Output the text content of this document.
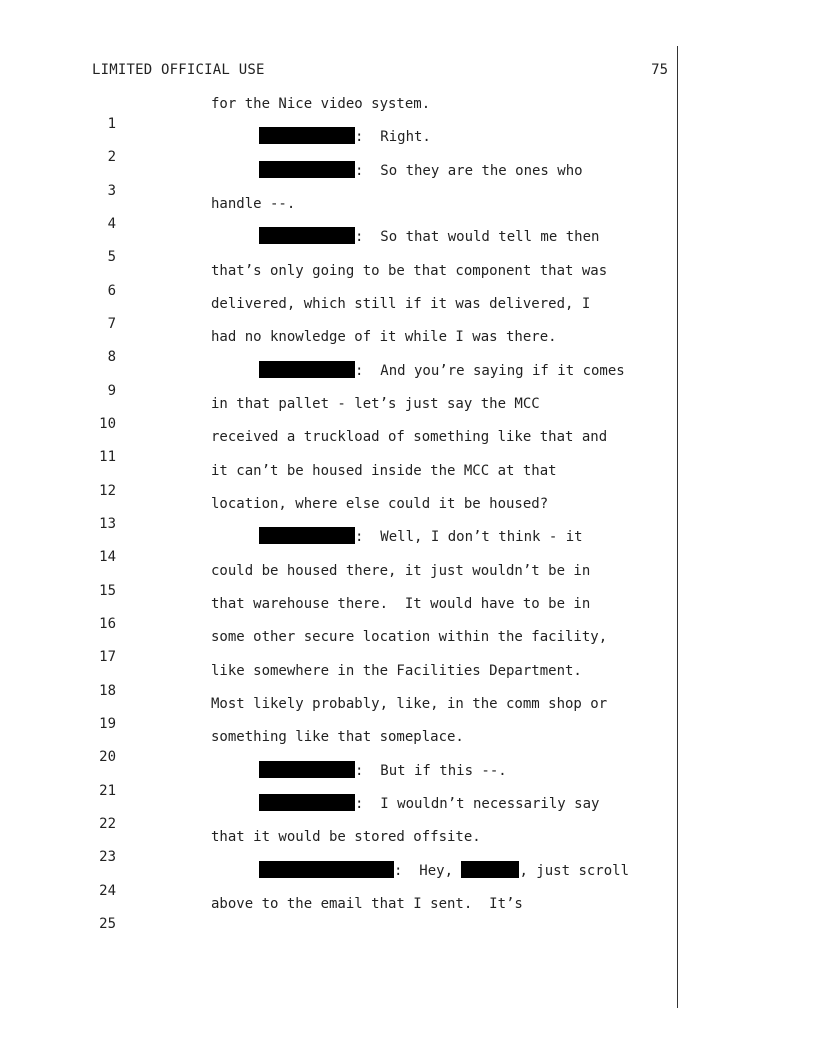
LIMITED OFFICIAL USE	75

1

for the Nice video system.

2

:  Right.

3

:  So they are the ones who

4

handle --.

5

:  So that would tell me then

6

that’s only going to be that component that was

7

delivered, which still if it was delivered, I

8

had no knowledge of it while I was there.

9

:  And you’re saying if it comes

10

in that pallet - let’s just say the MCC

11

received a truckload of something like that and

12

it can’t be housed inside the MCC at that

13

location, where else could it be housed?

14

:  Well, I don’t think - it

15

could be housed there, it just wouldn’t be in

16

that warehouse there.  It would have to be in

17

some other secure location within the facility,

18

like somewhere in the Facilities Department.

19

Most likely probably, like, in the comm shop or

20

something like that someplace.

21

:  But if this --.

22

:  I wouldn’t necessarily say

23

that it would be stored offsite.

24

:  Hey,	, just scroll

25

above to the email that I sent.  It’s
